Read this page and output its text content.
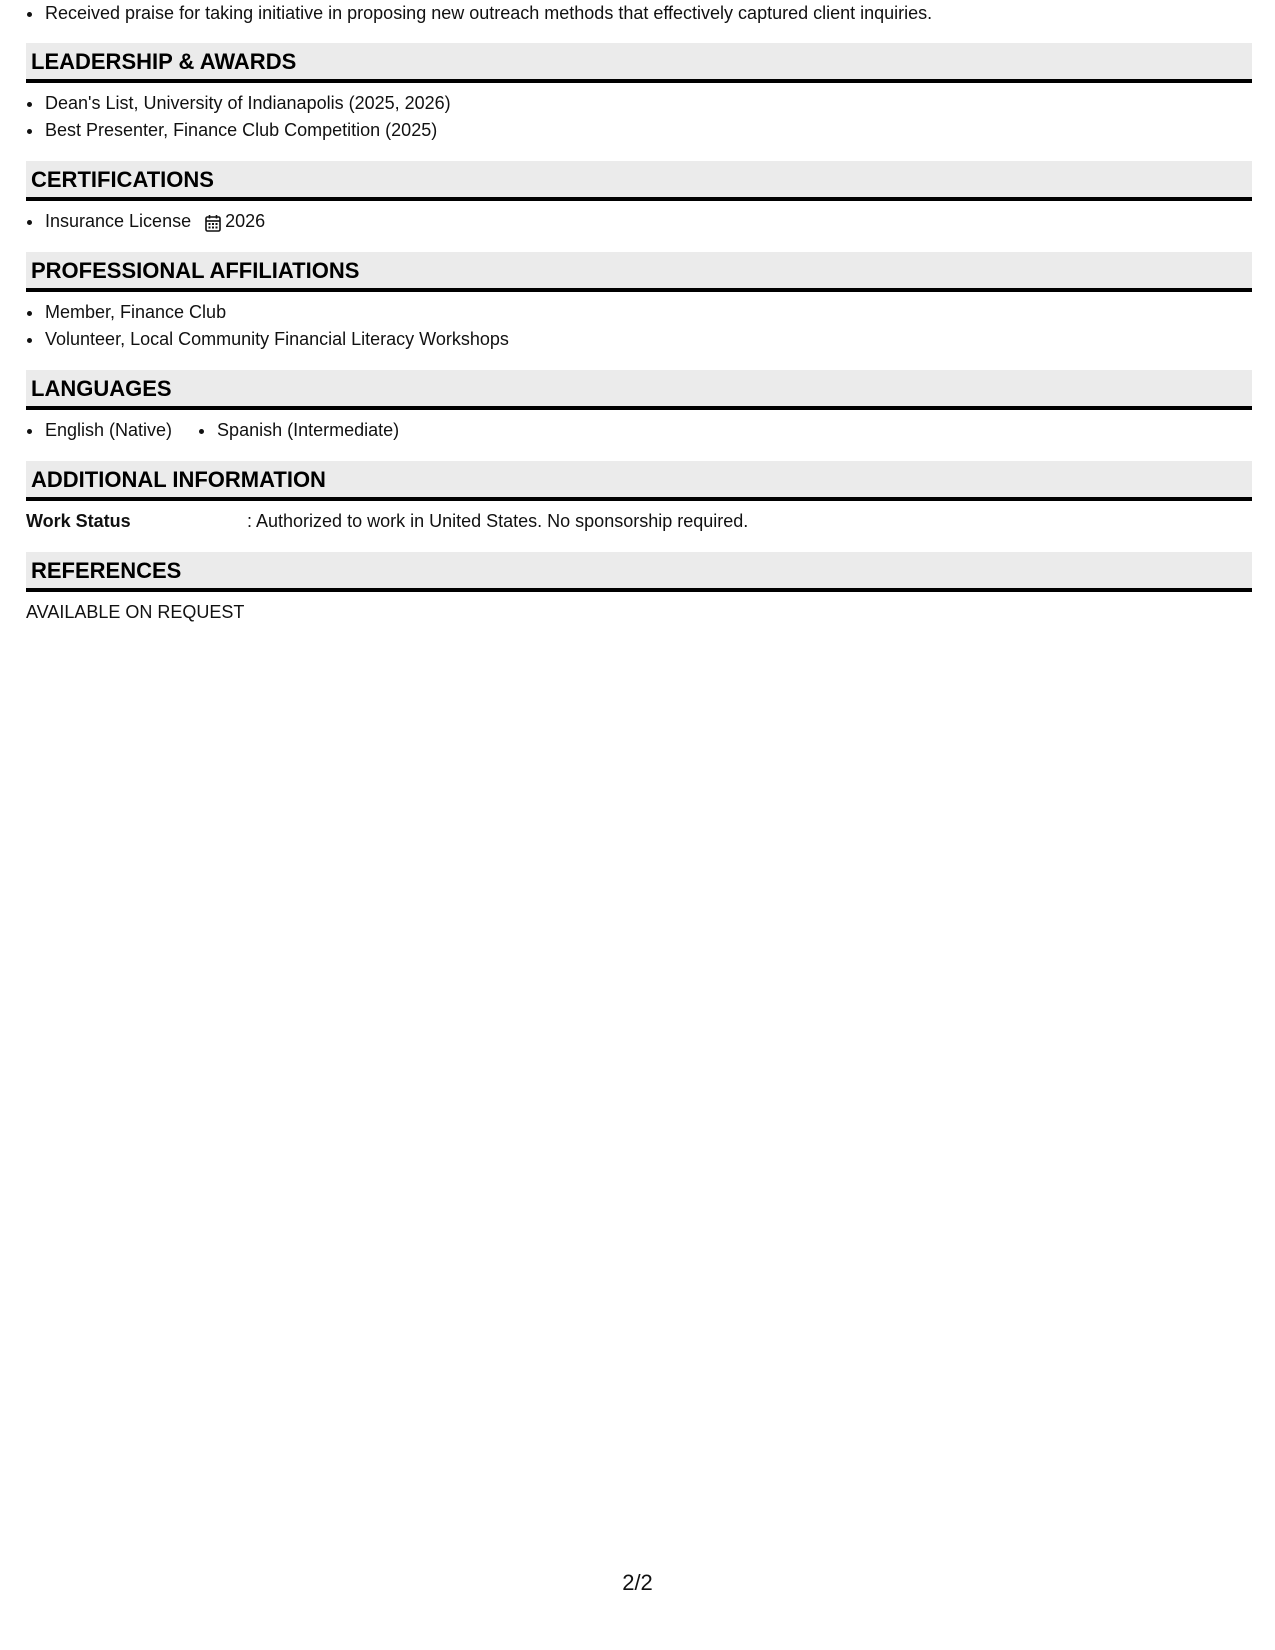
• Received praise for taking initiative in proposing new outreach methods that effectively captured client inquiries.
LEADERSHIP & AWARDS
• Dean's List, University of Indianapolis (2025, 2026)
• Best Presenter, Finance Club Competition (2025)
CERTIFICATIONS
• Insurance License 2026
PROFESSIONAL AFFILIATIONS
• Member, Finance Club
• Volunteer, Local Community Financial Literacy Workshops
LANGUAGES
• English (Native)
•	Spanish (Intermediate)
ADDITIONAL INFORMATION
Work Status	: Authorized to work in United States. No sponsorship required.
REFERENCES
AVAILABLE ON REQUEST
2/2
